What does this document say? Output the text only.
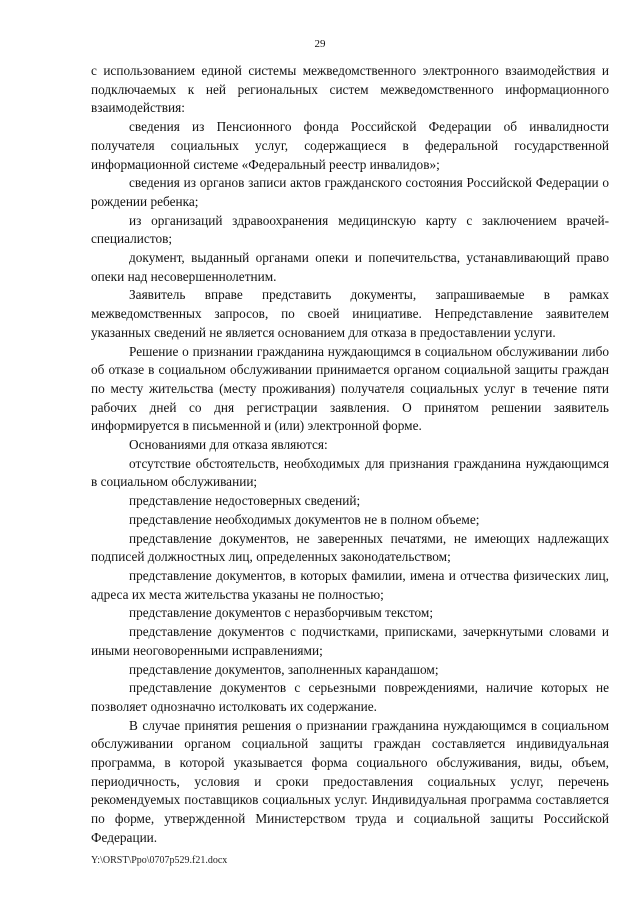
29

с использованием единой системы межведомственного электронного взаимодействия и подключаемых к ней региональных систем межведомственного информационного взаимодействия:

сведения из Пенсионного фонда Российской Федерации об инвалидности получателя социальных услуг, содержащиеся в федеральной государственной информационной системе «Федеральный реестр инвалидов»;

сведения из органов записи актов гражданского состояния Российской Федерации о рождении ребенка;

из организаций здравоохранения медицинскую карту с заключением врачей-специалистов;

документ, выданный органами опеки и попечительства, устанавливающий право опеки над несовершеннолетним.

Заявитель вправе представить документы, запрашиваемые в рамках межведомственных запросов, по своей инициативе. Непредставление заявителем указанных сведений не является основанием для отказа в предоставлении услуги.

Решение о признании гражданина нуждающимся в социальном обслуживании либо об отказе в социальном обслуживании принимается органом социальной защиты граждан по месту жительства (месту проживания) получателя социальных услуг в течение пяти рабочих дней со дня регистрации заявления. О принятом решении заявитель информируется в письменной и (или) электронной форме.

Основаниями для отказа являются:

отсутствие обстоятельств, необходимых для признания гражданина нуждающимся в социальном обслуживании;

представление недостоверных сведений;

представление необходимых документов не в полном объеме;

представление документов, не заверенных печатями, не имеющих надлежащих подписей должностных лиц, определенных законодательством;

представление документов, в которых фамилии, имена и отчества физических лиц, адреса их места жительства указаны не полностью;

представление документов с неразборчивым текстом;

представление документов с подчистками, приписками, зачеркнутыми словами и иными неоговоренными исправлениями;

представление документов, заполненных карандашом;

представление документов с серьезными повреждениями, наличие которых не позволяет однозначно истолковать их содержание.

В случае принятия решения о признании гражданина нуждающимся в социальном обслуживании органом социальной защиты граждан составляется индивидуальная программа, в которой указывается форма социального обслуживания, виды, объем, периодичность, условия и сроки предоставления социальных услуг, перечень рекомендуемых поставщиков социальных услуг. Индивидуальная программа составляется по форме, утвержденной Министерством труда и социальной защиты Российской Федерации.

Y:\ORST\Ppo\0707p529.f21.docx
